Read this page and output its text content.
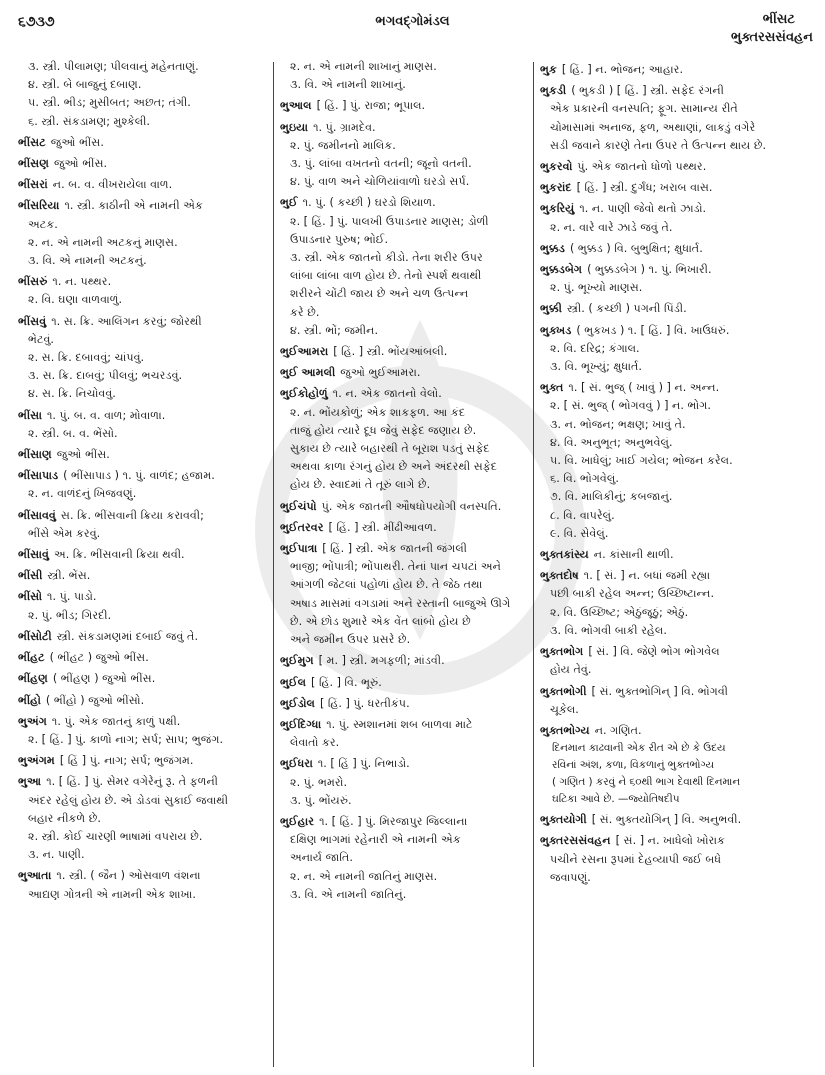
૬૭૩૭	ભગવદ્ગોમંડલ	ભીંસટ
ભુક્તરસસંવહન
૩. સ્ત્રી. પીલામણ; પીલવાનું મહેનતાણું.
૪. સ્ત્રી. બે બાજુનું દબાણ.
૫. સ્ત્રી. ભીડ; મુસીબત; અછત; તંગી.
૬. સ્ત્રી. સંકડામણ; મુશ્કેલી.
ભીંસટ જુઓ ભીંસ.
ભીંસણ જુઓ ભીંસ.
ભીંસરાં ન. બ. વ. વીખરાયેલા વાળ.
ભીંસરિયા ૧. સ્ત્રી. કાઠીની એ નામની એક
અટક.
૨. ન. એ નામની અટકનું માણસ.
૩. વિ. એ નામની અટકનું.
ભીંસરું ૧. ન. પથ્થર.
૨. વિ. ઘણા વાળવાળું.
ભીંસવું ૧. સ. ક્રિ. આલિંગન કરવું; જોરથી
ભેટવું.
૨. સ. ક્રિ. દબાવવું; ચાંપવું.
૩. સ. ક્રિ. દાબવું; પીલવું; ભચરડવું.
૪. સ. ક્રિ. નિચોવવું.
ભીંસા ૧. પું. બ. વ. વાળ; મોવાળા.
૨. સ્ત્રી. બ. વ. ભેંસો.
ભીંસાણ જુઓ ભીંસ.
ભીંસાપાડ ( ભીંસાપાડ ) ૧. પું. વાળંદ; હજામ.
૨. ન. વાળંદનું ખિજવણું.
ભીંસાવવું સ. ક્રિ. ભીંસવાની ક્રિયા કરાવવી;
ભીંસે એમ કરવું.
ભીંસાવું અ. ક્રિ. ભીંસવાની ક્રિયા થવી.
ભીંસી સ્ત્રી. ભેંસ.
ભીંસો ૧. પું. પાડો.
૨. પું. ભીડ; ગિરદી.
ભીંસોટી સ્ત્રી. સંકડામણમાં દબાઈ જવું તે.
ભીંહટ ( ભીંહટ ) જુઓ ભીંસ.
ભીંહણ ( ભીંહણ ) જુઓ ભીંસ.
ભીંહો ( ભીંહો ) જુઓ ભીંસો.
ભુઅંગ ૧. પું. એક જાતનું કાળું પક્ષી.
૨. [ હિં. ] પું. કાળો નાગ; સર્પ; સાપ; ભુજંગ.
ભુઅંગમ [ હિં ] પું. નાગ; સર્પ; ભુજંગમ.
ભુઆ ૧. [ હિં. ] પું. સેમર વગેરેનું રૂ. તે ફળની
અંદર રહેલું હોય છે. એ ડોડવાં સુકાઈ જવાથી
બહાર નીકળે છે.
૨. સ્ત્રી. કોઈ ચારણી ભાષામાં વપરાય છે.
૩. ન. પાણી.
ભુઆતા ૧. સ્ત્રી. ( જૈન ) ઓસવાળ વંશના
આદ્યણ ગોત્રની એ નામની એક શાખા.
૨. ન. એ નામની શાખાનું માણસ.
૩. વિ. એ નામની શાખાનું.
ભુઆલ [ હિં. ] પું. રાજા; ભૂપાલ.
ભુઇયા ૧. પું. ગ્રામદેવ.
૨. પું. જમીનનો માલિક.
૩. પું. લાંબા વખતનો વતની; જૂનો વતની.
૪. પું. વાળ અને ચોળિયાંવાળો ઘરડો સર્પ.
ભુઈ ૧. પું. ( કચ્છી ) ઘરડો શિયાળ.
૨. [ હિં. ] પું. પાલખી ઉપાડનાર માણસ; ડોળી
ઉપાડનાર પુરુષ; ભોઈ.
૩. સ્ત્રી. એક જાતનો કીડો. તેના શરીર ઉપર
લાંબા લાંબા વાળ હોય છે. તેનો સ્પર્શ થવાથી
શરીરને ચોંટી જાય છે અને ચળ ઉત્પન્ન
કરે છે.
૪. સ્ત્રી. ભોં; જમીન.
ભુઈઆમરા [ હિં. ] સ્ત્રી. ભોંયઆંબલી.
ભુઈ આમલી જુઓ ભુઈઆમરા.
ભુઈકોહોળું ૧. ન. એક જાતનો વેલો.
૨. ન. ભોંયકોળું; એક શાકફળ. આ કંદ
તાજું હોય ત્યારે દૂધ જેવું સફેદ જણાય છે.
સુકાય છે ત્યારે બહારથી તે બૂરાશ પડતું સફેદ
અથવા કાળા રંગનું હોય છે અને અંદરથી સફેદ
હોય છે. સ્વાદમાં તે તૂરું લાગે છે.
ભુઈચંપો પું. એક જાતની ઔષધોપયોગી વનસ્પતિ.
ભુઈતરવર [ હિં. ] સ્ત્રી. મીંઢીઆવળ.
ભુઈપાત્રા [ હિં. ] સ્ત્રી. એક જાતની જંગલી
ભાજી; ભોંપાત્રી; ભોંપાથરી. તેનાં પાન ચપટાં અને
આંગળી જેટલાં પહોળાં હોય છે. તે જેઠ તથા
અષાડ માસમાં વગડામાં અને રસ્તાની બાજુએ ઊગે
છે. એ છોડ શુમારે એક વેંત લાંબો હોય છે
અને જમીન ઉપર પ્રસરે છે.
ભુઈમુગ [ મ. ] સ્ત્રી. મગફળી; માંડવી.
ભુઈલ [ હિં. ] વિ. ભૂરું.
ભુઈડોલ [ હિં. ] પું. ધરતીકંપ.
ભુઈદિગ્ધા ૧. પું. સ્મશાનમાં શબ બાળવા માટે
લેવાતો કર.
ભુઈધરા ૧. [ હિં ] પું. નિભાડો.
૨. પું. ભમરો.
૩. પું. ભોંયરું.
ભુઈહાર ૧. [ હિં. ] પું. મિરજાપુર જિલ્લાના
દક્ષિણ ભાગમાં રહેનારી એ નામની એક
અનાર્ય જાતિ.
૨. ન. એ નામની જાતિનું માણસ.
૩. વિ. એ નામની જાતિનું.
ભુક [ હિં. ] ન. ભોજન; આહાર.
ભુકડી ( ભુકડી ) [ હિં. ] સ્ત્રી. સફેદ રંગની
એક પ્રકારની વનસ્પતિ; ફૂગ. સામાન્ય રીતે
ચોમાસામાં અનાજ, ફળ, અથાણાં, લાકડું વગેરે
સડી જવાને કારણે તેના ઉપર તે ઉત્પન્ન થાય છે.
ભુકરવો પું. એક જાતનો ધોળો પથ્થર.
ભુકરાંદ [ હિં. ] સ્ત્રી. દુર્ગંધ; ખરાબ વાસ.
ભુકરિયું ૧. ન. પાણી જેવો થતો ઝાડો.
૨. ન. વારે વારે ઝાડે જવું તે.
ભુક્કડ ( ભુક્કડ ) વિ. બુભુક્ષિત; ક્ષુધાર્ત.
ભુક્કડબેગ ( ભુક્કડબેગ ) ૧. પું. ભિખારી.
૨. પું. ભૂખ્યો માણસ.
ભુક્કી સ્ત્રી. ( કચ્છી ) પગની પિંડી.
ભુક્ખડ ( ભુકખડ ) ૧. [ હિં. ] વિ. ખાઉધરું.
૨. વિ. દરિદ્ર; કંગાલ.
૩. વિ. ભૂખ્યું; ક્ષુધાર્ત.
ભુક્ત ૧. [ સં. ભુજ્ ( ખાવું ) ] ન. અન્ન.
૨. [ સં. ભુજ્ ( ભોગવવું ) ] ન. ભોગ.
૩. ન. ભોજન; ભક્ષણ; ખાવું તે.
૪. વિ. અનુભૂત; અનુભવેલું.
૫. વિ. ખાધેલું; ખાઈ ગયેલ; ભોજન કરેલ.
૬. વિ. ભોગવેલું.
૭. વિ. માલિકીનું; કબજાનું.
૮. વિ. વાપરેલું.
૯. વિ. સેવેલું.
ભુક્તકાંસ્ય ન. કાંસાની થાળી.
ભુક્તદોષ ૧. [ સં. ] ન. બધાં જમી રહ્યા
પછી બાકી રહેલ અન્ન; ઉચ્છિષ્ટાન્ન.
૨. વિ. ઉચ્છિષ્ટ; એઠુંજૂઠું; એઠું.
૩. વિ. ભોગવી બાકી રહેલ.
ભુક્તભોગ [ સં. ] વિ. જેણે ભોગ ભોગવેલ
હોય તેવું.
ભુક્તભોગી [ સં. ભુક્તભોગિન્ ] વિ. ભોગવી
ચૂકેલ.
ભુક્તભોગ્ય ન. ગણિત.
દિનમાન કાઢવાની એક રીત એ છે કે ઉદય
રવિનાં અંશ, કળા, વિકળાનું ભુક્તભોગ્ય
( ગણિત ) કરવું ને ૬૦થી ભાગ દેવાથી દિનમાન
ઘટિકા આવે છે. —જ્યોતિષદીપ
ભુક્તયોગી [ સં. ભુક્તયોગિન્ ] વિ. અનુભવી.
ભુક્તરસસંવહન [ સં. ] ન. ખાધેલો ખોરાક
પચીને રસના રૂપમાં દેહવ્યાપી જઈ બધે
જવાપણું.
